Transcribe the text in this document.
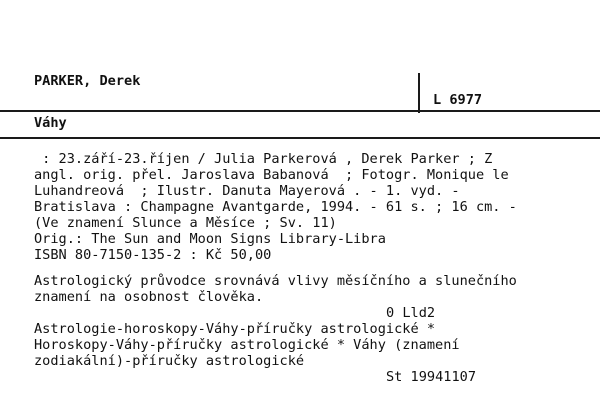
PARKER, Derek
L 6977
Váhy
: 23.září-23.říjen / Julia Parkerová , Derek Parker ; Z
angl. orig. přel. Jaroslava Babanová  ; Fotogr. Monique le
Luhandreová  ; Ilustr. Danuta Mayerová . - 1. vyd. -
Bratislava : Champagne Avantgarde, 1994. - 61 s. ; 16 cm. -
(Ve znamení Slunce a Měsíce ; Sv. 11)
Orig.: The Sun and Moon Signs Library-Libra
ISBN 80-7150-135-2 : Kč 50,00
Astrologický průvodce srovnává vlivy měsíčního a slunečního
znamení na osobnost člověka.
0 Lld2
Astrologie-horoskopy-Váhy-příručky astrologické *
Horoskopy-Váhy-příručky astrologické * Váhy (znamení
zodiakální)-příručky astrologické
St 19941107
